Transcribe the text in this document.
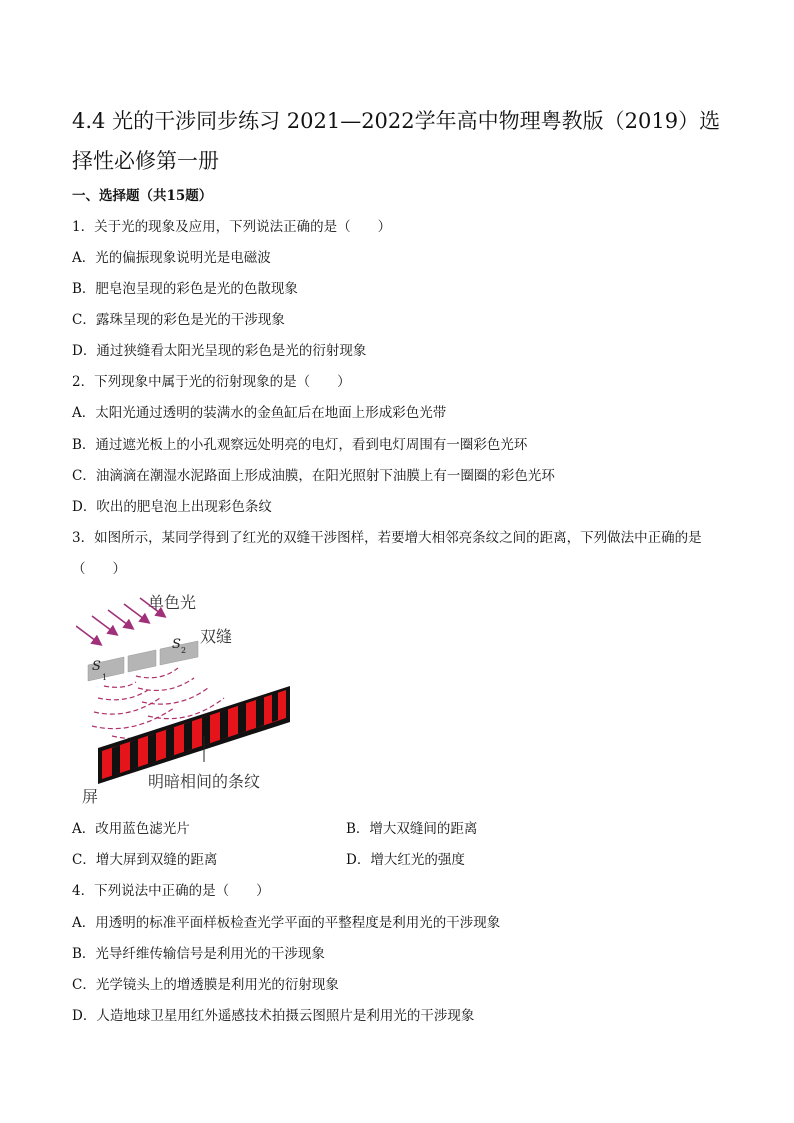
4.4 光的干涉同步练习 2021—2022学年高中物理粤教版（2019）选择性必修第一册
一、选择题（共15题）
1．关于光的现象及应用，下列说法正确的是（　　）
A．光的偏振现象说明光是电磁波
B．肥皂泡呈现的彩色是光的色散现象
C．露珠呈现的彩色是光的干涉现象
D．通过狭缝看太阳光呈现的彩色是光的衍射现象
2．下列现象中属于光的衍射现象的是（　　）
A．太阳光通过透明的装满水的金鱼缸后在地面上形成彩色光带
B．通过遮光板上的小孔观察远处明亮的电灯，看到电灯周围有一圈彩色光环
C．油滴滴在潮湿水泥路面上形成油膜，在阳光照射下油膜上有一圈圈的彩色光环
D．吹出的肥皂泡上出现彩色条纹
3．如图所示，某同学得到了红光的双缝干涉图样，若要增大相邻亮条纹之间的距离，下列做法中正确的是（　　）
单色光
S
1
S 2
双缝
明暗相间的条纹
屏
A．改用蓝色滤光片	B．增大双缝间的距离
C．增大屏到双缝的距离	D．增大红光的强度
4．下列说法中正确的是（　　）
A．用透明的标准平面样板检查光学平面的平整程度是利用光的干涉现象
B．光导纤维传输信号是利用光的干涉现象
C．光学镜头上的增透膜是利用光的衍射现象
D．人造地球卫星用红外遥感技术拍摄云图照片是利用光的干涉现象
